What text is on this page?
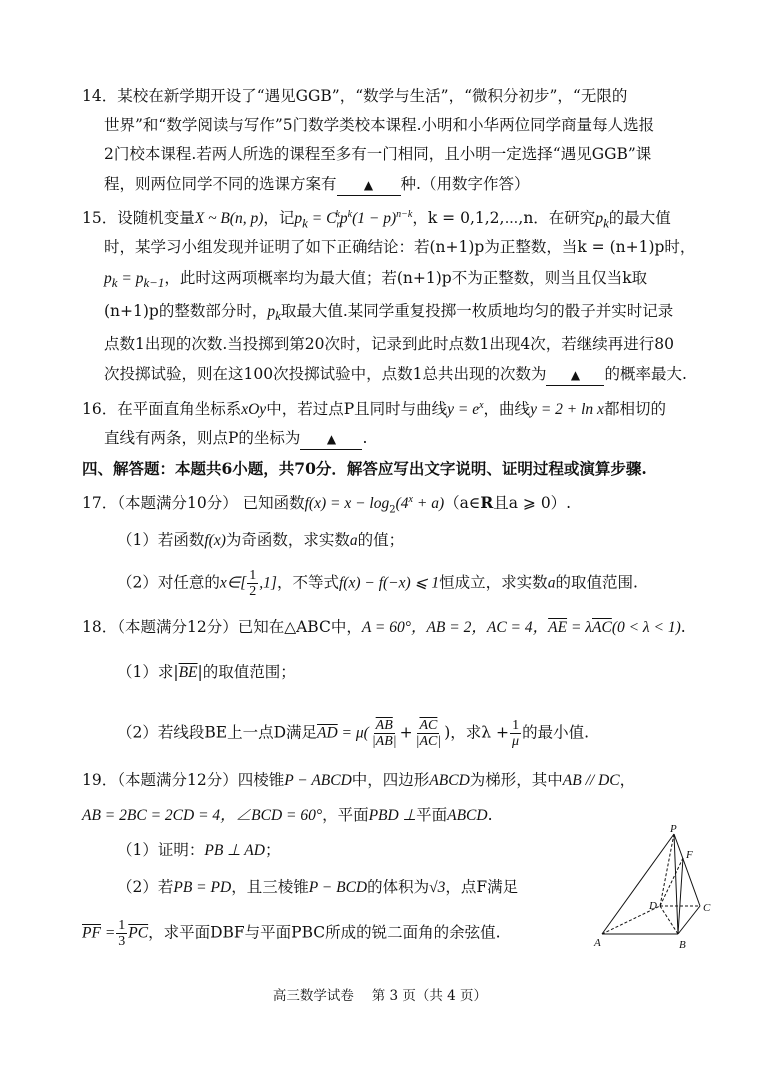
14．某校在新学期开设了“遇见GGB”，“数学与生活”，“微积分初步”，“无限的
世界”和“数学阅读与写作”5门数学类校本课程.小明和小华两位同学商量每人选报
2门校本课程.若两人所选的课程至多有一门相同，且小明一定选择“遇见GGB”课
程，则两位同学不同的选课方案有 ▲ 种.（用数字作答）
15．设随机变量X ~ B(n, p)，记$p_k = C_n^kp^k(1 - p)^{n-k}$，k = 0,1,2,⋯,n．在研究$p_k$的最大值
时，某学习小组发现并证明了如下正确结论：若(n+1)p为正整数，当k = (n+1)p时，
$p_k = p_{k-1}$，此时这两项概率均为最大值；若(n+1)p不为正整数，则当且仅当k取
(n+1)p的整数部分时，$p_k$取最大值.某同学重复投掷一枚质地均匀的骰子并实时记录
点数1出现的次数.当投掷到第20次时，记录到此时点数1出现4次，若继续再进行80
次投掷试验，则在这100次投掷试验中，点数1总共出现的次数为 ▲ 的概率最大.
16．在平面直角坐标系xOy中，若过点P且同时与曲线$y = e^x$，曲线y = 2 + ln x都相切的
直线有两条，则点P的坐标为 ▲ .
四、解答题：本题共6小题，共70分．解答应写出文字说明、证明过程或演算步骤.
17．（本题满分10分） 已知函数$f(x) = x - \log_2(4^x$ + a)（a∈R且a ⩾ 0）.
（1）若函数f(x)为奇函数，求实数a的值；
（2）对任意的x∈[ $\frac{1}{2} ,1$]，不等式f(x) − f(−x) ⩽ 1恒成立，求实数a的取值范围.
18．（本题满分12分）已知在△ABC中，A = 60°，AB = 2，AC = 4，$\overline{AE} = \lambda\overline{AC}(0 < \lambda < 1)$.
（1）求$|\overline{BE}|$的取值范围；
（2）若线段BE上一点D满足$\overline{AD} = \mu( \frac{\overline{AB}}{|AB|} + \frac{\overline{AC}}{|AC|}$ )，求$\lambda + \frac{1}{\mu}$ 的最小值.
19．（本题满分12分）四棱锥P − ABCD中，四边形ABCD为梯形，其中AB // DC，
AB = 2BC = 2CD = 4，∠BCD = 60°，平面PBD ⊥平面ABCD.
（1）证明：PB ⊥ AD；
（2）若PB = PD，且三棱锥P − BCD的体积为√3，点F满足
$\overline{PF} = \frac{1}{3} \overline{PC}$，求平面DBF与平面PBC所成的锐二面角的余弦值.
P
F
D	C
A	B
高三数学试卷　 第 3 页（共 4 页）
